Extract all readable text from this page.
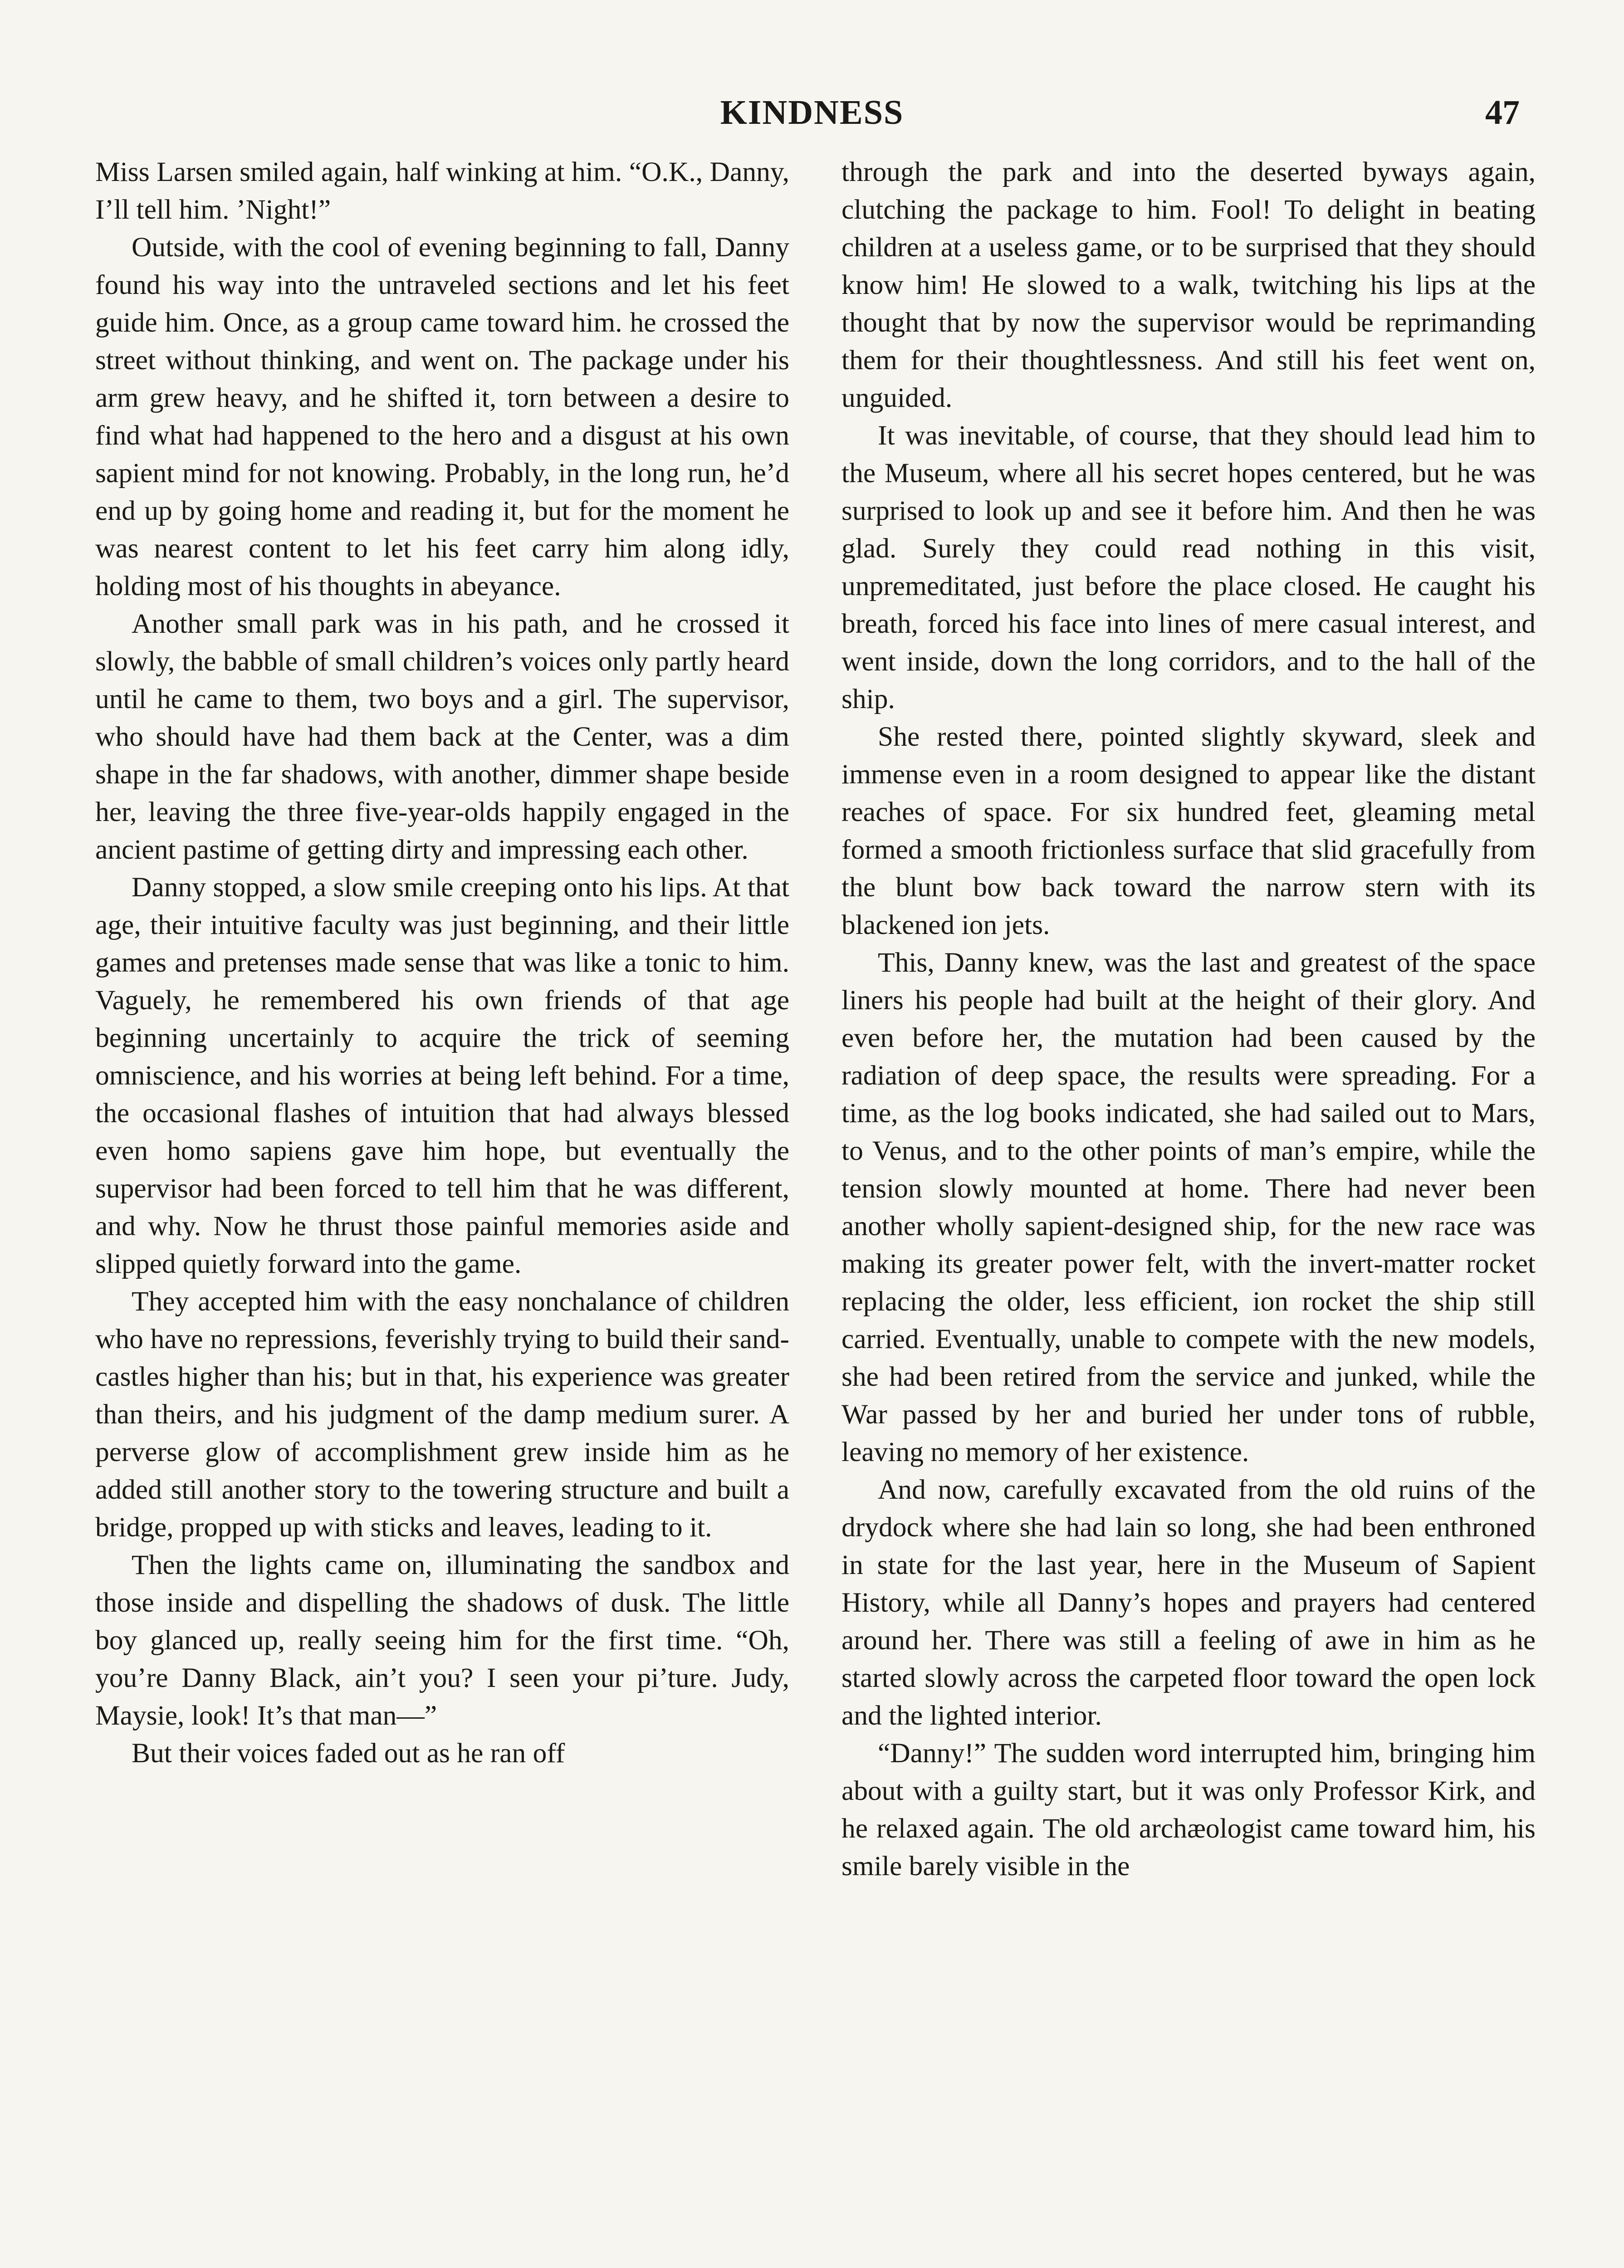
KINDNESS	47

Miss Larsen smiled again, half winking at him. “O.K., Danny, I’ll tell him. ’Night!”

Outside, with the cool of evening beginning to fall, Danny found his way into the untraveled sections and let his feet guide him. Once, as a group came toward him. he crossed the street without thinking, and went on. The package under his arm grew heavy, and he shifted it, torn between a desire to find what had happened to the hero and a disgust at his own sapient mind for not knowing. Probably, in the long run, he’d end up by going home and reading it, but for the moment he was nearest content to let his feet carry him along idly, holding most of his thoughts in abeyance.

Another small park was in his path, and he crossed it slowly, the babble of small children’s voices only partly heard until he came to them, two boys and a girl. The supervisor, who should have had them back at the Center, was a dim shape in the far shadows, with another, dimmer shape beside her, leaving the three five-year-olds happily engaged in the ancient pastime of getting dirty and impressing each other.

Danny stopped, a slow smile creeping onto his lips. At that age, their intuitive faculty was just beginning, and their little games and pretenses made sense that was like a tonic to him. Vaguely, he remembered his own friends of that age beginning uncertainly to acquire the trick of seeming omniscience, and his worries at being left behind. For a time, the occasional flashes of intuition that had always blessed even homo sapiens gave him hope, but eventually the supervisor had been forced to tell him that he was different, and why. Now he thrust those painful memories aside and slipped quietly forward into the game.

They accepted him with the easy nonchalance of children who have no repressions, feverishly trying to build their sand-castles higher than his; but in that, his experience was greater than theirs, and his judgment of the damp medium surer. A perverse glow of accomplishment grew inside him as he added still another story to the towering structure and built a bridge, propped up with sticks and leaves, leading to it.

Then the lights came on, illuminating the sandbox and those inside and dispelling the shadows of dusk. The little boy glanced up, really seeing him for the first time. “Oh, you’re Danny Black, ain’t you? I seen your pi’ture. Judy, Maysie, look! It’s that man—”

But their voices faded out as he ran off

through the park and into the deserted byways again, clutching the package to him. Fool! To delight in beating children at a useless game, or to be surprised that they should know him! He slowed to a walk, twitching his lips at the thought that by now the supervisor would be reprimanding them for their thoughtlessness. And still his feet went on, unguided.

It was inevitable, of course, that they should lead him to the Museum, where all his secret hopes centered, but he was surprised to look up and see it before him. And then he was glad. Surely they could read nothing in this visit, unpremeditated, just before the place closed. He caught his breath, forced his face into lines of mere casual interest, and went inside, down the long corridors, and to the hall of the ship.

She rested there, pointed slightly skyward, sleek and immense even in a room designed to appear like the distant reaches of space. For six hundred feet, gleaming metal formed a smooth frictionless surface that slid gracefully from the blunt bow back toward the narrow stern with its blackened ion jets.

This, Danny knew, was the last and greatest of the space liners his people had built at the height of their glory. And even before her, the mutation had been caused by the radiation of deep space, the results were spreading. For a time, as the log books indicated, she had sailed out to Mars, to Venus, and to the other points of man’s empire, while the tension slowly mounted at home. There had never been another wholly sapient-designed ship, for the new race was making its greater power felt, with the invert-matter rocket replacing the older, less efficient, ion rocket the ship still carried. Eventually, unable to compete with the new models, she had been retired from the service and junked, while the War passed by her and buried her under tons of rubble, leaving no memory of her existence.

And now, carefully excavated from the old ruins of the drydock where she had lain so long, she had been enthroned in state for the last year, here in the Museum of Sapient History, while all Danny’s hopes and prayers had centered around her. There was still a feeling of awe in him as he started slowly across the carpeted floor toward the open lock and the lighted interior.

“Danny!” The sudden word interrupted him, bringing him about with a guilty start, but it was only Professor Kirk, and he relaxed again. The old archæologist came toward him, his smile barely visible in the
